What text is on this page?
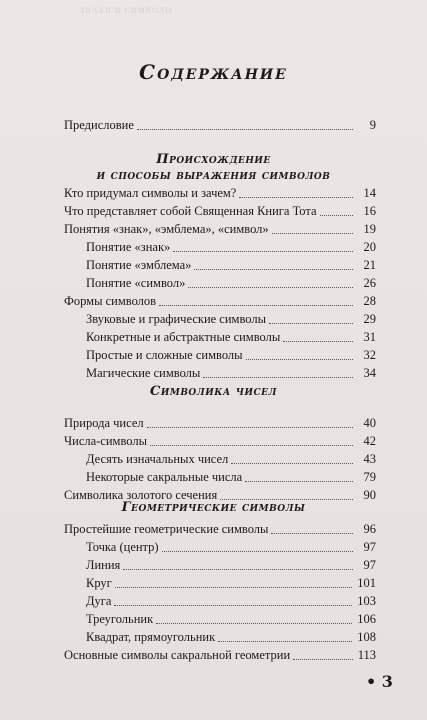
ЗНАКИ И СИМВОЛЫ
Содержание
Предисловие	9
Происхождение
и способы выражения символов
Кто придумал символы и зачем?	14
Что представляет собой Священная Книга Тота	16
Понятия «знак», «эмблема», «символ»	19
Понятие «знак»	20
Понятие «эмблема»	21
Понятие «символ»	26
Формы символов	28
Звуковые и графические символы	29
Конкретные и абстрактные символы	31
Простые и сложные символы	32
Магические символы	34
Символика чисел
Природа чисел	40
Числа-символы	42
Десять изначальных чисел	43
Некоторые сакральные числа	79
Символика золотого сечения	90
Геометрические символы
Простейшие геометрические символы	96
Точка (центр)	97
Линия	97
Круг	101
Дуга	103
Треугольник	106
Квадрат, прямоугольник	108
Основные символы сакральной геометрии	113
• 3
